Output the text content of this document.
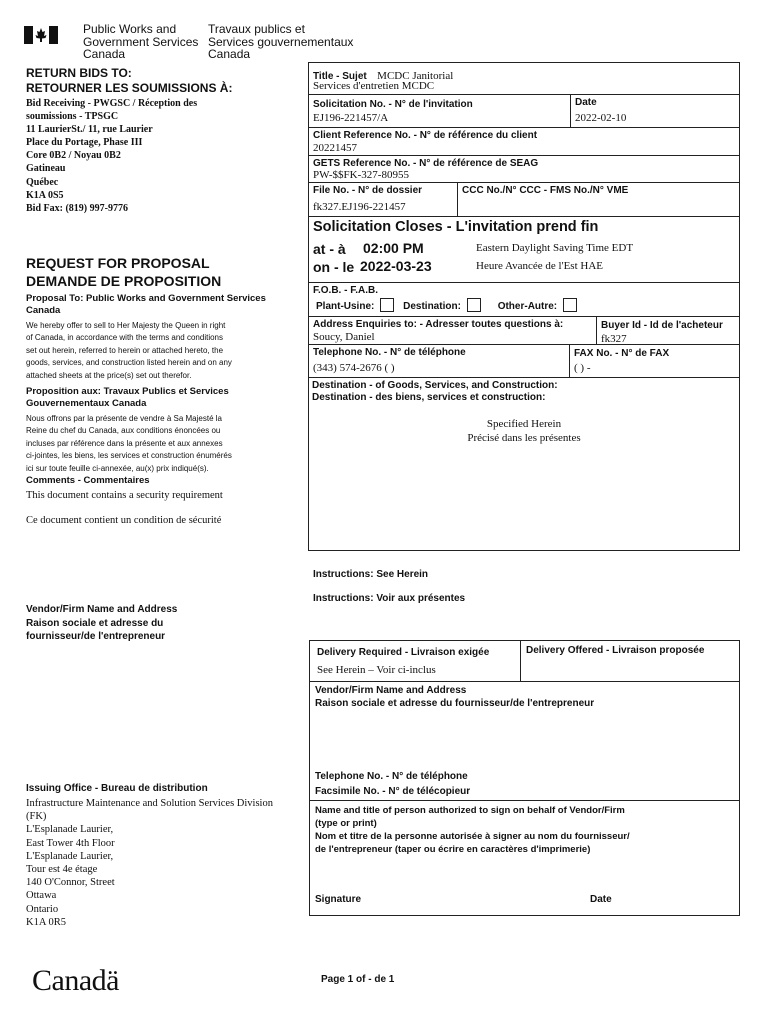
Public Works and
Government Services
Canada
Travaux publics et
Services gouvernementaux
Canada
RETURN BIDS TO:
RETOURNER LES SOUMISSIONS À:
Bid Receiving - PWGSC / Réception des
soumissions - TPSGC
11 LaurierSt./ 11, rue Laurier
Place du Portage, Phase III
Core 0B2 / Noyau 0B2
Gatineau
Québec
K1A 0S5
Bid Fax: (819) 997-9776
REQUEST FOR PROPOSAL
DEMANDE DE PROPOSITION
Proposal To: Public Works and Government Services Canada
We hereby offer to sell to Her Majesty the Queen in right
of Canada, in accordance with the terms and conditions
set out herein, referred to herein or attached hereto, the
goods, services, and construction listed herein and on any
attached sheets at the price(s) set out therefor.
Proposition aux: Travaux Publics et Services Gouvernementaux Canada
Nous offrons par la présente de vendre à Sa Majesté la
Reine du chef du Canada, aux conditions énoncées ou
incluses par référence dans la présente et aux annexes
ci-jointes, les biens, les services et construction énumérés
ici sur toute feuille ci-annexée, au(x) prix indiqué(s).
Comments - Commentaires
This document contains a security requirement
Ce document contient un condition de sécurité
Title - Sujet MCDC Janitorial
Services d'entretien MCDC
Solicitation No. - N° de l'invitation
EJ196-221457/A
Date
2022-02-10
Client Reference No. - N° de référence du client
20221457
GETS Reference No. - N° de référence de SEAG
PW-$$FK-327-80955
File No. - N° de dossier
fk327.EJ196-221457
CCC No./N° CCC - FMS No./N° VME
Solicitation Closes - L'invitation prend fin
at - à 02:00 PM
on - le 2022-03-23
Eastern Daylight Saving Time EDT
Heure Avancée de l'Est HAE
F.O.B. - F.A.B.
Plant-Usine:	Destination:	Other-Autre:
Address Enquiries to: - Adresser toutes questions à:
Soucy, Daniel
Buyer Id - Id de l'acheteur
fk327
Telephone No. - N° de téléphone
(343) 574-2676 ( )
FAX No. - N° de FAX
( ) -
Destination - of Goods, Services, and Construction:
Destination - des biens, services et construction:
Specified Herein
Précisé dans les présentes
Instructions: See Herein
Instructions: Voir aux présentes
Vendor/Firm Name and Address
Raison sociale et adresse du
fournisseur/de l'entrepreneur
Delivery Required - Livraison exigée
See Herein – Voir ci-inclus
Delivery Offered - Livraison proposée
Vendor/Firm Name and Address
Raison sociale et adresse du fournisseur/de l'entrepreneur
Telephone No. - N° de téléphone
Facsimile No. - N° de télécopieur
Name and title of person authorized to sign on behalf of Vendor/Firm
(type or print)
Nom et titre de la personne autorisée à signer au nom du fournisseur/
de l'entrepreneur (taper ou écrire en caractères d'imprimerie)
Signature	Date
Issuing Office - Bureau de distribution
Infrastructure Maintenance and Solution Services Division
(FK)
L'Esplanade Laurier,
East Tower 4th Floor
L'Esplanade Laurier,
Tour est 4e étage
140 O'Connor, Street
Ottawa
Ontario
K1A 0R5
Canadä	Page 1 of - de 1
